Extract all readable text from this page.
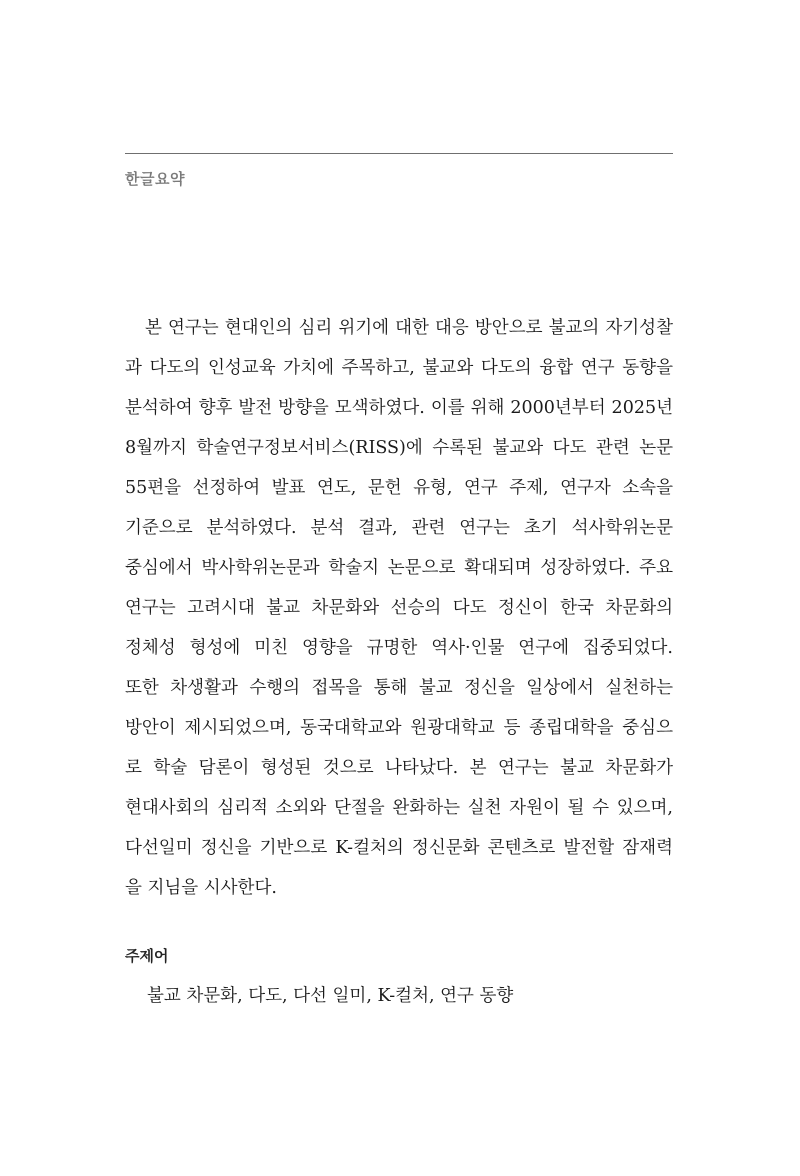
한글요약
본 연구는 현대인의 심리 위기에 대한 대응 방안으로 불교의 자기성찰
과 다도의 인성교육 가치에 주목하고, 불교와 다도의 융합 연구 동향을
분석하여 향후 발전 방향을 모색하였다. 이를 위해 2000년부터 2025년
8월까지 학술연구정보서비스(RISS)에 수록된 불교와 다도 관련 논문
55편을 선정하여 발표 연도, 문헌 유형, 연구 주제, 연구자 소속을
기준으로 분석하였다. 분석 결과, 관련 연구는 초기 석사학위논문
중심에서 박사학위논문과 학술지 논문으로 확대되며 성장하였다. 주요
연구는 고려시대 불교 차문화와 선승의 다도 정신이 한국 차문화의
정체성 형성에 미친 영향을 규명한 역사·인물 연구에 집중되었다.
또한 차생활과 수행의 접목을 통해 불교 정신을 일상에서 실천하는
방안이 제시되었으며, 동국대학교와 원광대학교 등 종립대학을 중심으
로 학술 담론이 형성된 것으로 나타났다. 본 연구는 불교 차문화가
현대사회의 심리적 소외와 단절을 완화하는 실천 자원이 될 수 있으며,
다선일미 정신을 기반으로 K-컬처의 정신문화 콘텐츠로 발전할 잠재력
을 지님을 시사한다.
주제어
불교 차문화, 다도, 다선 일미, K-컬처, 연구 동향
